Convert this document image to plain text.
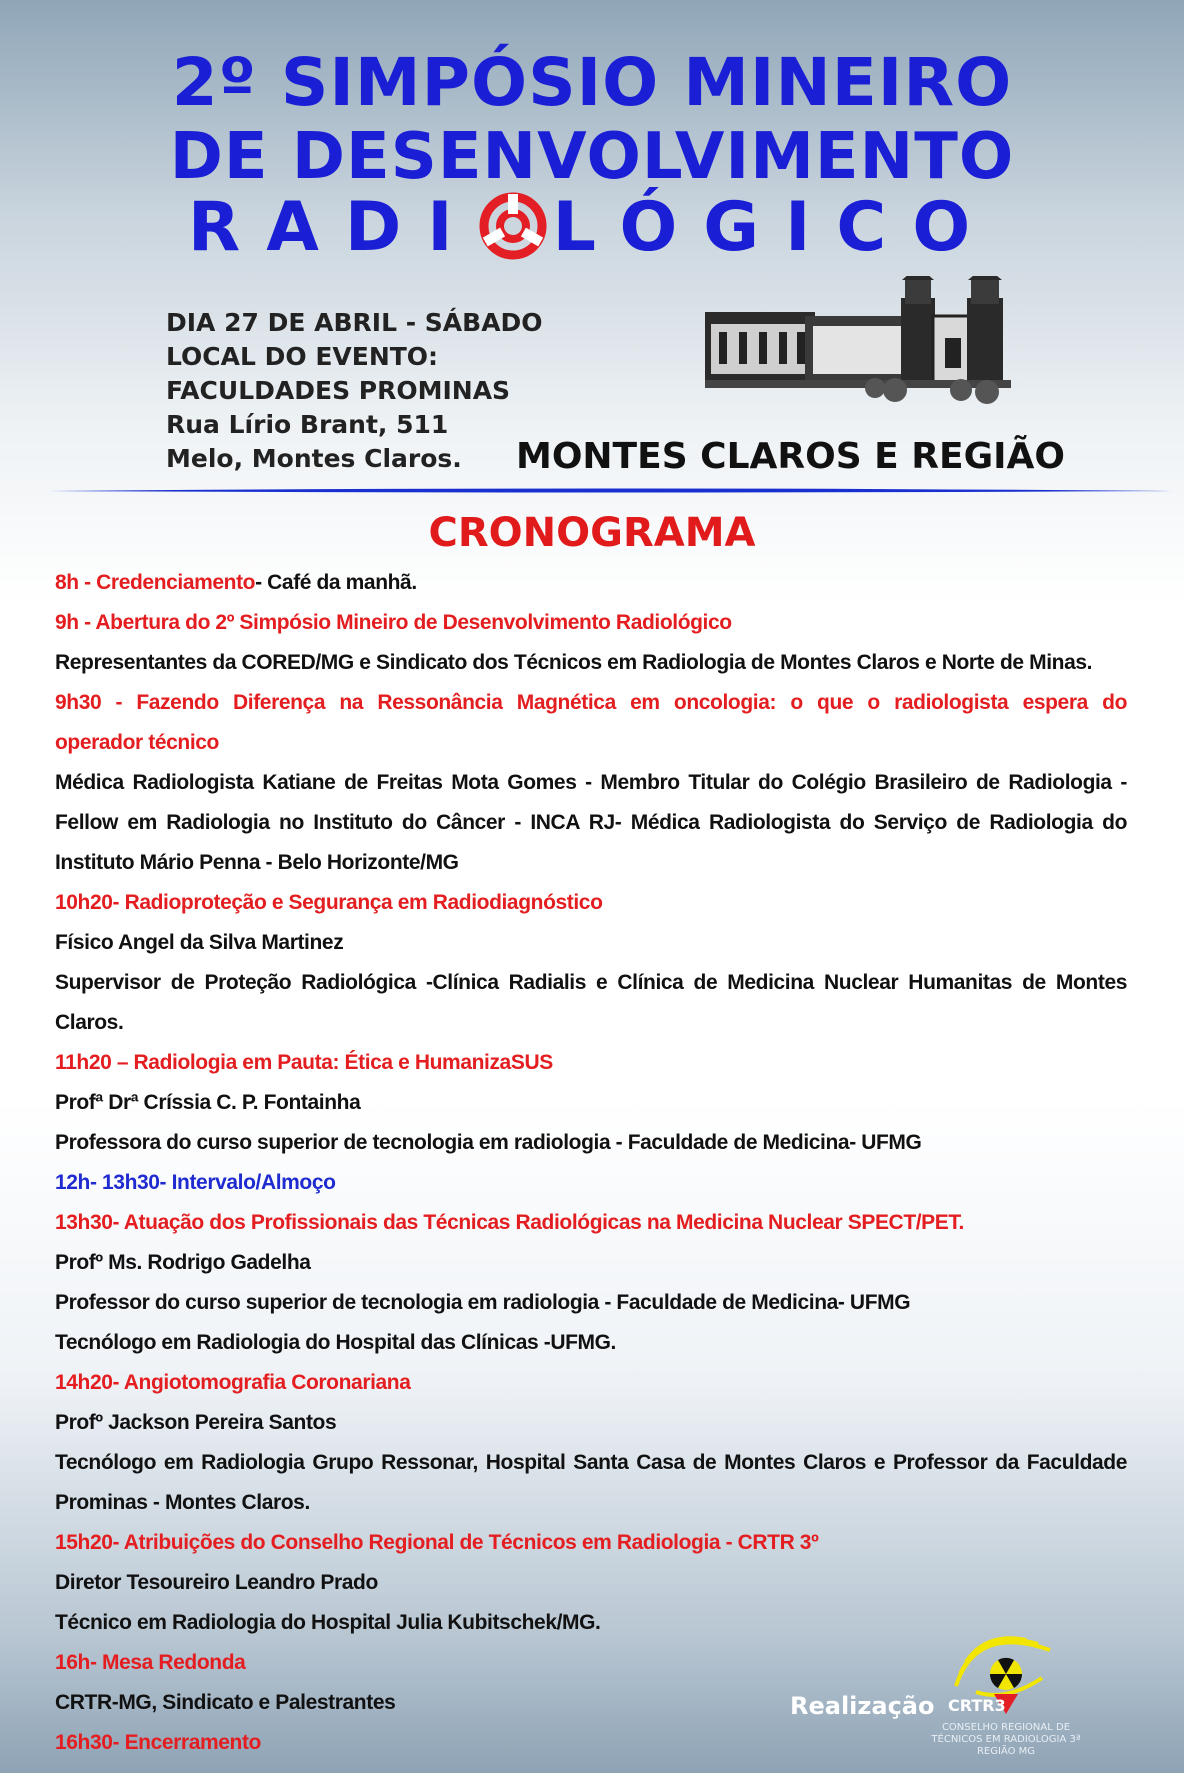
2º SIMPÓSIO MINEIRO
DE DESENVOLVIMENTO
RADI LÓGICO
DIA 27 DE ABRIL - SÁBADO
LOCAL DO EVENTO:
FACULDADES PROMINAS
Rua Lírio Brant, 511
Melo, Montes Claros.	MONTES CLAROS E REGIÃO
CRONOGRAMA
8h - Credenciamento- Café da manhã.
9h - Abertura do 2º Simpósio Mineiro de Desenvolvimento Radiológico
Representantes da CORED/MG e Sindicato dos Técnicos em Radiologia de Montes Claros e Norte de Minas.
9h30 - Fazendo Diferença na Ressonância Magnética em oncologia: o que o radiologista espera do
operador técnico
Médica Radiologista Katiane de Freitas Mota Gomes - Membro Titular do Colégio Brasileiro de Radiologia -
Fellow em Radiologia no Instituto do Câncer - INCA RJ- Médica Radiologista do Serviço de Radiologia do
Instituto Mário Penna - Belo Horizonte/MG
10h20- Radioproteção e Segurança em Radiodiagnóstico
Físico Angel da Silva Martinez
Supervisor de Proteção Radiológica -Clínica Radialis e Clínica de Medicina Nuclear Humanitas de Montes
Claros.
11h20 – Radiologia em Pauta: Ética e HumanizaSUS
Profª Drª Críssia C. P. Fontainha
Professora do curso superior de tecnologia em radiologia - Faculdade de Medicina- UFMG
12h- 13h30- Intervalo/Almoço
13h30- Atuação dos Profissionais das Técnicas Radiológicas na Medicina Nuclear SPECT/PET.
Profº Ms. Rodrigo Gadelha
Professor do curso superior de tecnologia em radiologia - Faculdade de Medicina- UFMG
Tecnólogo em Radiologia do Hospital das Clínicas -UFMG.
14h20- Angiotomografia Coronariana
Profº Jackson Pereira Santos
Tecnólogo em Radiologia Grupo Ressonar, Hospital Santa Casa de Montes Claros e Professor da Faculdade
Prominas - Montes Claros.
15h20- Atribuições do Conselho Regional de Técnicos em Radiologia - CRTR 3º
Diretor Tesoureiro Leandro Prado
Técnico em Radiologia do Hospital Julia Kubitschek/MG.
16h- Mesa Redonda
CRTR-MG, Sindicato e Palestrantes
16h30- Encerramento
Realização CRTR3
CONSELHO REGIONAL DE TÉCNICOS EM RADIOLOGIA 3ª REGIÃO MG
